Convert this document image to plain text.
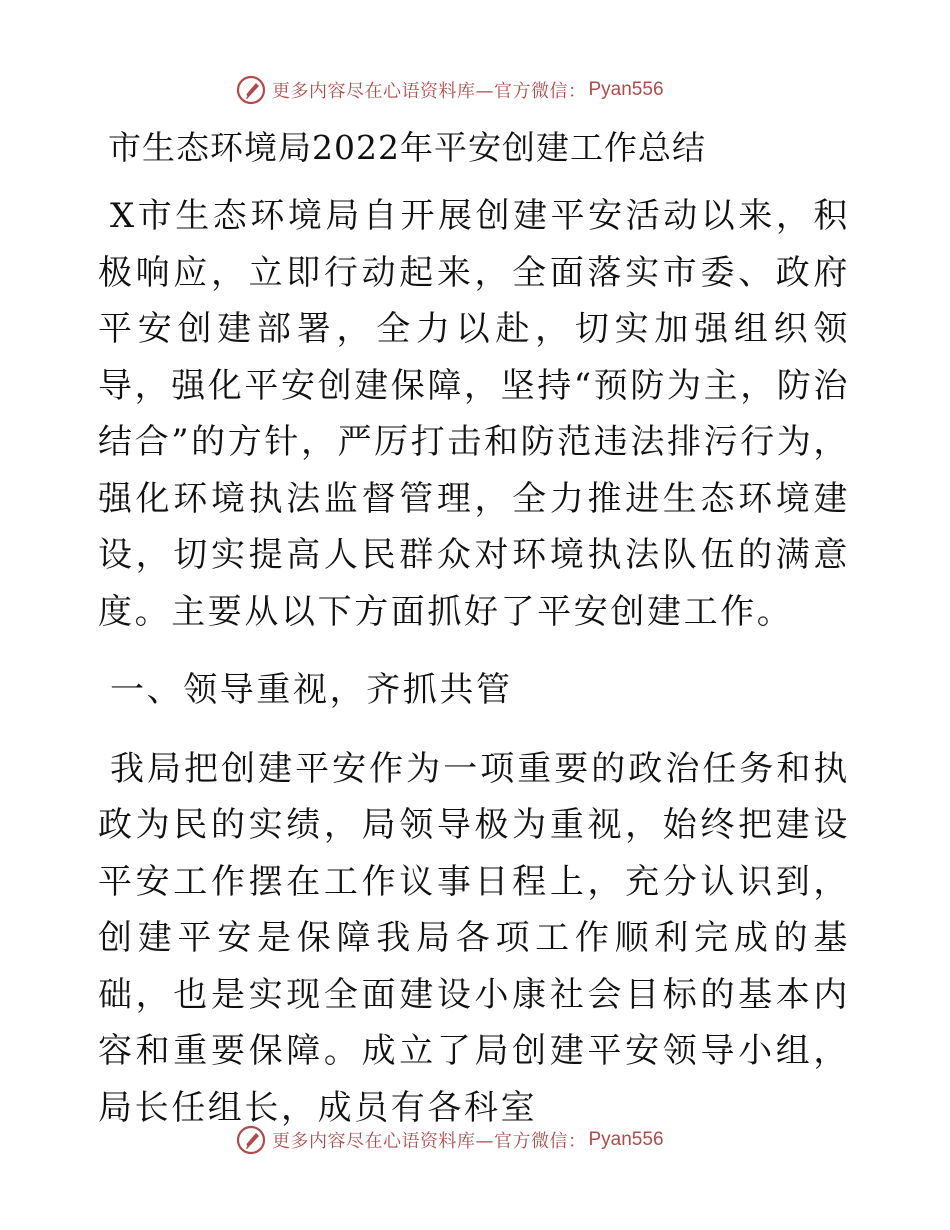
更多内容尽在心语资料库—官方微信： Pyan556
市生态环境局2022年平安创建工作总结

X市生态环境局自开展创建平安活动以来，积极响应，立即行动起来，全面落实市委、政府平安创建部署，全力以赴，切实加强组织领导，强化平安创建保障，坚持“预防为主，防治结合”的方针，严厉打击和防范违法排污行为，强化环境执法监督管理，全力推进生态环境建设，切实提高人民群众对环境执法队伍的满意度。主要从以下方面抓好了平安创建工作。

一、领导重视，齐抓共管

我局把创建平安作为一项重要的政治任务和执政为民的实绩，局领导极为重视，始终把建设平安工作摆在工作议事日程上，充分认识到，创建平安是保障我局各项工作顺利完成的基础，也是实现全面建设小康社会目标的基本内容和重要保障。成立了局创建平安领导小组，局长任组长，成员有各科室

更多内容尽在心语资料库—官方微信： Pyan556
